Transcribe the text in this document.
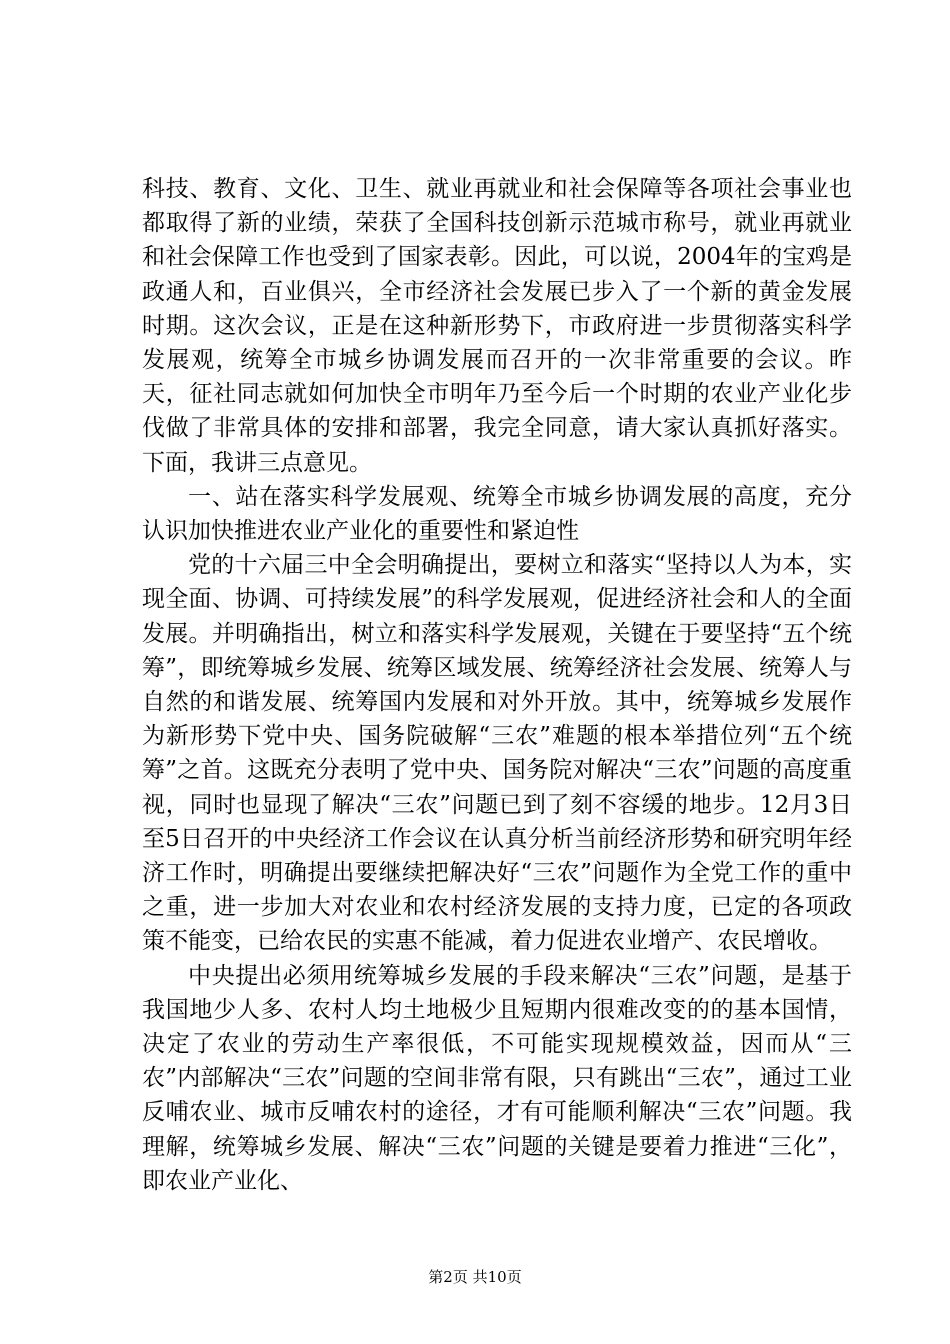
科技、教育、文化、卫生、就业再就业和社会保障等各项社会事业也都取得了新的业绩，荣获了全国科技创新示范城市称号，就业再就业和社会保障工作也受到了国家表彰。因此，可以说，2004年的宝鸡是政通人和，百业俱兴，全市经济社会发展已步入了一个新的黄金发展时期。这次会议，正是在这种新形势下，市政府进一步贯彻落实科学发展观，统筹全市城乡协调发展而召开的一次非常重要的会议。昨天，征社同志就如何加快全市明年乃至今后一个时期的农业产业化步伐做了非常具体的安排和部署，我完全同意，请大家认真抓好落实。下面，我讲三点意见。

一、站在落实科学发展观、统筹全市城乡协调发展的高度，充分认识加快推进农业产业化的重要性和紧迫性

党的十六届三中全会明确提出，要树立和落实“坚持以人为本，实现全面、协调、可持续发展”的科学发展观，促进经济社会和人的全面发展。并明确指出，树立和落实科学发展观，关键在于要坚持“五个统筹”，即统筹城乡发展、统筹区域发展、统筹经济社会发展、统筹人与自然的和谐发展、统筹国内发展和对外开放。其中，统筹城乡发展作为新形势下党中央、国务院破解“三农”难题的根本举措位列“五个统筹”之首。这既充分表明了党中央、国务院对解决“三农”问题的高度重视，同时也显现了解决“三农”问题已到了刻不容缓的地步。12月3日至5日召开的中央经济工作会议在认真分析当前经济形势和研究明年经济工作时，明确提出要继续把解决好“三农”问题作为全党工作的重中之重，进一步加大对农业和农村经济发展的支持力度，已定的各项政策不能变，已给农民的实惠不能减，着力促进农业增产、农民增收。

中央提出必须用统筹城乡发展的手段来解决“三农”问题，是基于我国地少人多、农村人均土地极少且短期内很难改变的的基本国情，决定了农业的劳动生产率很低，不可能实现规模效益，因而从“三农”内部解决“三农”问题的空间非常有限，只有跳出“三农”，通过工业反哺农业、城市反哺农村的途径，才有可能顺利解决“三农”问题。我理解，统筹城乡发展、解决“三农”问题的关键是要着力推进“三化”，即农业产业化、

第2页 共10页
